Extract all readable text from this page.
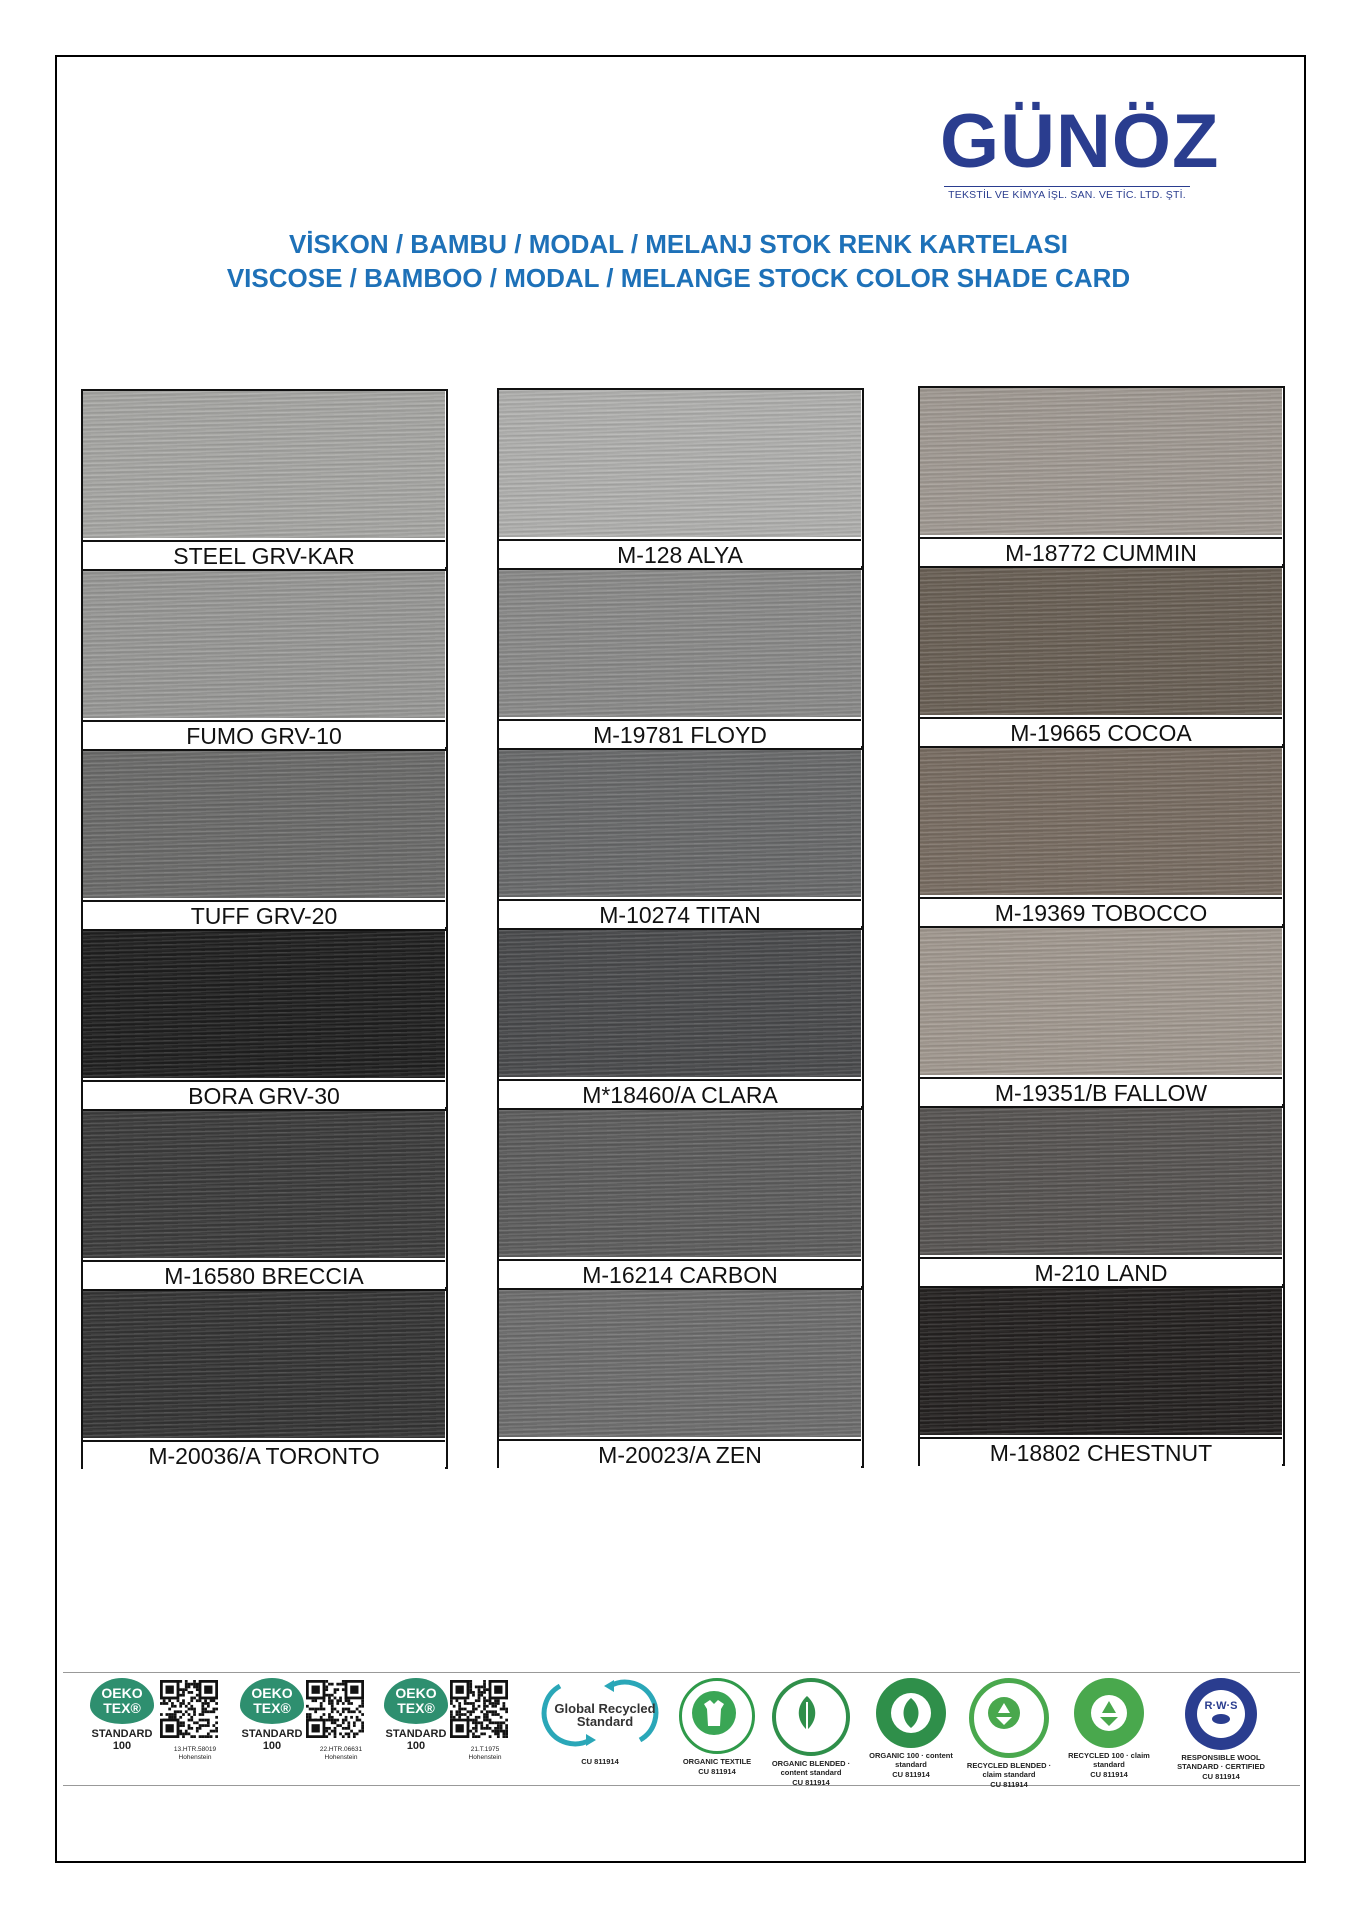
GÜNÖZ
TEKSTİL VE KİMYA İŞL. SAN. VE TİC. LTD. ŞTİ.
VİSKON / BAMBU / MODAL / MELANJ STOK RENK KARTELASI
VISCOSE / BAMBOO / MODAL / MELANGE STOCK COLOR SHADE CARD
STEEL GRV-KAR
FUMO GRV-10
TUFF GRV-20
BORA GRV-30
M-16580 BRECCIA
M-20036/A TORONTO
M-128 ALYA
M-19781 FLOYD
M-10274 TITAN
M*18460/A CLARA
M-16214 CARBON
M-20023/A ZEN
M-18772 CUMMIN
M-19665 COCOA
M-19369 TOBOCCO
M-19351/B FALLOW
M-210 LAND
M-18802 CHESTNUT
OEKO
TEX®
STANDARD
100	13.HTR.58019
Hohenstein
OEKO
TEX®
STANDARD
100	22.HTR.06631
Hohenstein
OEKO
TEX®
STANDARD
100	21.T.1975
Hohenstein
Global Recycled
Standard
CU 811914	ORGANIC TEXTILE
CU 811914
ORGANIC BLENDED · content standard
CU 811914
ORGANIC 100 · content standard
CU 811914
RECYCLED BLENDED · claim standard
CU 811914
RECYCLED 100 · claim standard
CU 811914
R·W·S
RESPONSIBLE WOOL STANDARD · CERTIFIED
CU 811914
